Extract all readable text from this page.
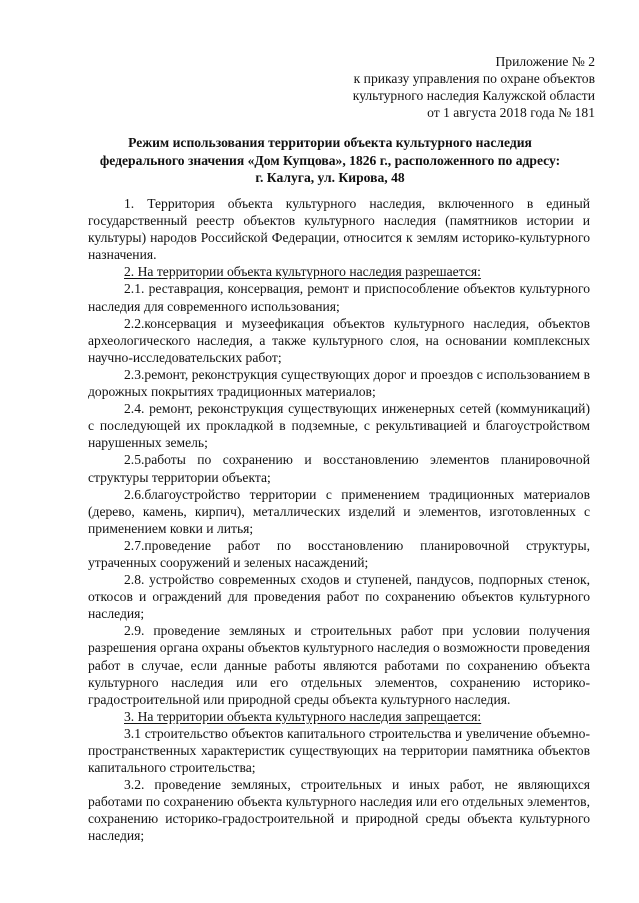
Приложение № 2
к приказу управления по охране объектов
культурного наследия Калужской области
от 1 августа 2018 года № 181
Режим использования территории объекта культурного наследия
федерального значения «Дом Купцова», 1826 г., расположенного по адресу:
г. Калуга, ул. Кирова, 48

1. Территория объекта культурного наследия, включенного в единый государственный реестр объектов культурного наследия (памятников истории и культуры) народов Российской Федерации, относится к землям историко-культурного назначения.

2. На территории объекта культурного наследия разрешается:

2.1. реставрация, консервация, ремонт и приспособление объектов культурного наследия для современного использования;

2.2.консервация и музеефикация объектов культурного наследия, объектов археологического наследия, а также культурного слоя, на основании комплексных научно-исследовательских работ;

2.3.ремонт, реконструкция существующих дорог и проездов с использованием в дорожных покрытиях традиционных материалов;

2.4. ремонт, реконструкция существующих инженерных сетей (коммуникаций) с последующей их прокладкой в подземные, с рекультивацией и благоустройством нарушенных земель;

2.5.работы по сохранению и восстановлению элементов планировочной структуры территории объекта;

2.6.благоустройство территории с применением традиционных материалов (дерево, камень, кирпич), металлических изделий и элементов, изготовленных с применением ковки и литья;

2.7.проведение работ по восстановлению планировочной структуры, утраченных сооружений и зеленых насаждений;

2.8. устройство современных сходов и ступеней, пандусов, подпорных стенок, откосов и ограждений для проведения работ по сохранению объектов культурного наследия;

2.9. проведение земляных и строительных работ при условии получения разрешения органа охраны объектов культурного наследия о возможности проведения работ в случае, если данные работы являются работами по сохранению объекта культурного наследия или его отдельных элементов, сохранению историко-градостроительной или природной среды объекта культурного наследия.

3. На территории объекта культурного наследия запрещается:

3.1 строительство объектов капитального строительства и увеличение объемно-пространственных характеристик существующих на территории памятника объектов капитального строительства;

3.2. проведение земляных, строительных и иных работ, не являющихся работами по сохранению объекта культурного наследия или его отдельных элементов, сохранению историко-градостроительной и природной среды объекта культурного наследия;
